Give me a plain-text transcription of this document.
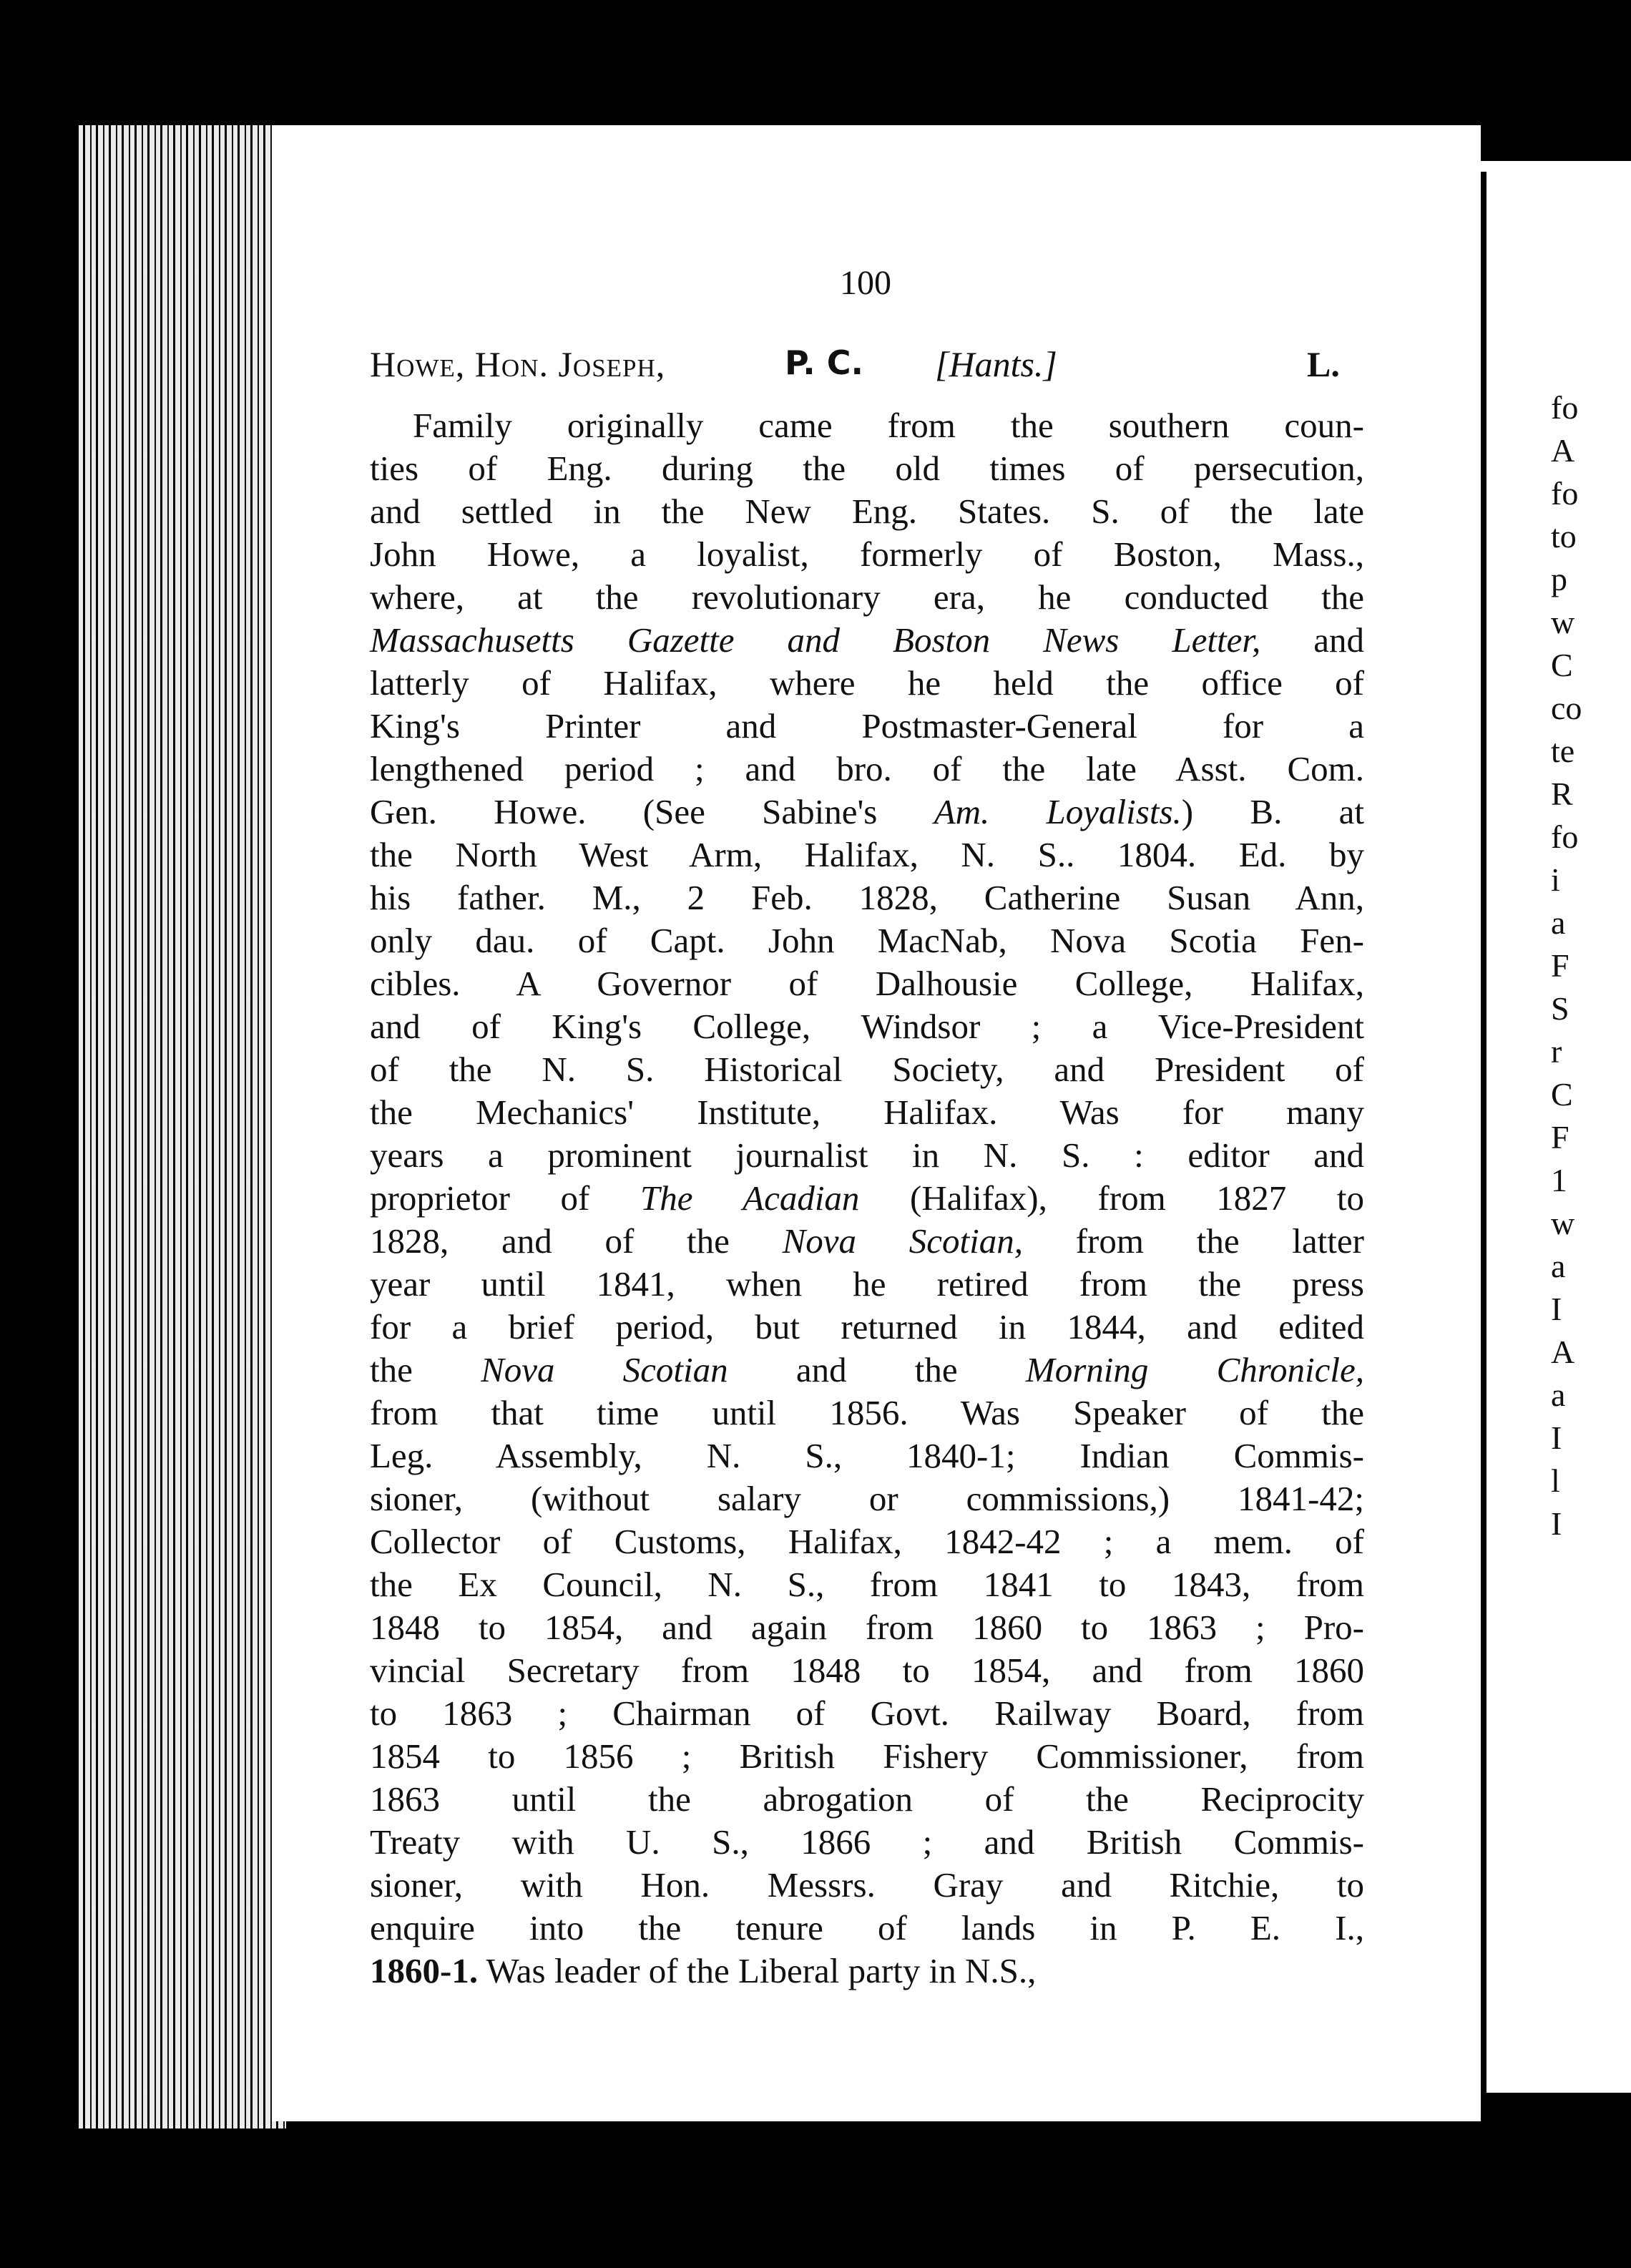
fo
A
fo
to
p
w
C
co
te
R
fo
i
a
F
S
r
C
F
1
w
a
I
A
a
I
l
I
100
Howe, Hon. Joseph,	P. C. [Hants.]	L.
Family originally came from the southern coun-
ties of Eng. during the old times of persecution,
and settled in the New Eng. States. S. of the late
John Howe, a loyalist, formerly of Boston, Mass.,
where, at the revolutionary era, he conducted the
Massachusetts Gazette and Boston News Letter, and
latterly of Halifax, where he held the office of
King's Printer and Postmaster-General for a
lengthened period ; and bro. of the late Asst. Com.
Gen. Howe. (See Sabine's Am. Loyalists.) B. at
the North West Arm, Halifax, N. S.. 1804. Ed. by
his father. M., 2 Feb. 1828, Catherine Susan Ann,
only dau. of Capt. John MacNab, Nova Scotia Fen-
cibles. A Governor of Dalhousie College, Halifax,
and of King's College, Windsor ; a Vice-President
of the N. S. Historical Society, and President of
the Mechanics' Institute, Halifax. Was for many
years a prominent journalist in N. S. : editor and
proprietor of The Acadian (Halifax), from 1827 to
1828, and of the Nova Scotian, from the latter
year until 1841, when he retired from the press
for a brief period, but returned in 1844, and edited
the Nova Scotian and the Morning Chronicle,
from that time until 1856. Was Speaker of the
Leg. Assembly, N. S., 1840-1; Indian Commis-
sioner, (without salary or commissions,) 1841-42;
Collector of Customs, Halifax, 1842-42 ; a mem. of
the Ex Council, N. S., from 1841 to 1843, from
1848 to 1854, and again from 1860 to 1863 ; Pro-
vincial Secretary from 1848 to 1854, and from 1860
to 1863 ; Chairman of Govt. Railway Board, from
1854 to 1856 ; British Fishery Commissioner, from
1863 until the abrogation of the Reciprocity
Treaty with U. S., 1866 ; and British Commis-
sioner, with Hon. Messrs. Gray and Ritchie, to
enquire into the tenure of lands in P. E. I.,
1860-1. Was leader of the Liberal party in N.S.,
